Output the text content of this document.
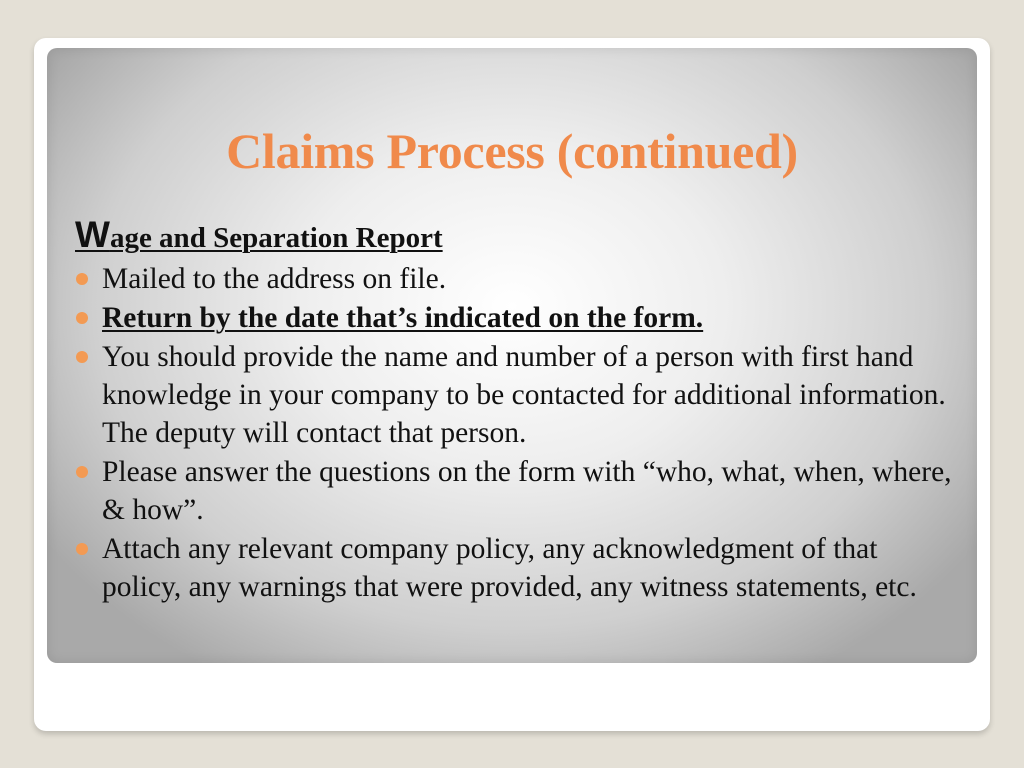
Claims Process (continued)
Wage and Separation Report
Mailed to the address on file.
Return by the date that’s indicated on the form.
You should provide the name and number of a person with first hand knowledge in your company to be contacted for additional information. The deputy will contact that person.
Please answer the questions on the form with “who, what, when, where, & how”.
Attach any relevant company policy, any acknowledgment of that policy, any warnings that were provided, any witness statements, etc.
